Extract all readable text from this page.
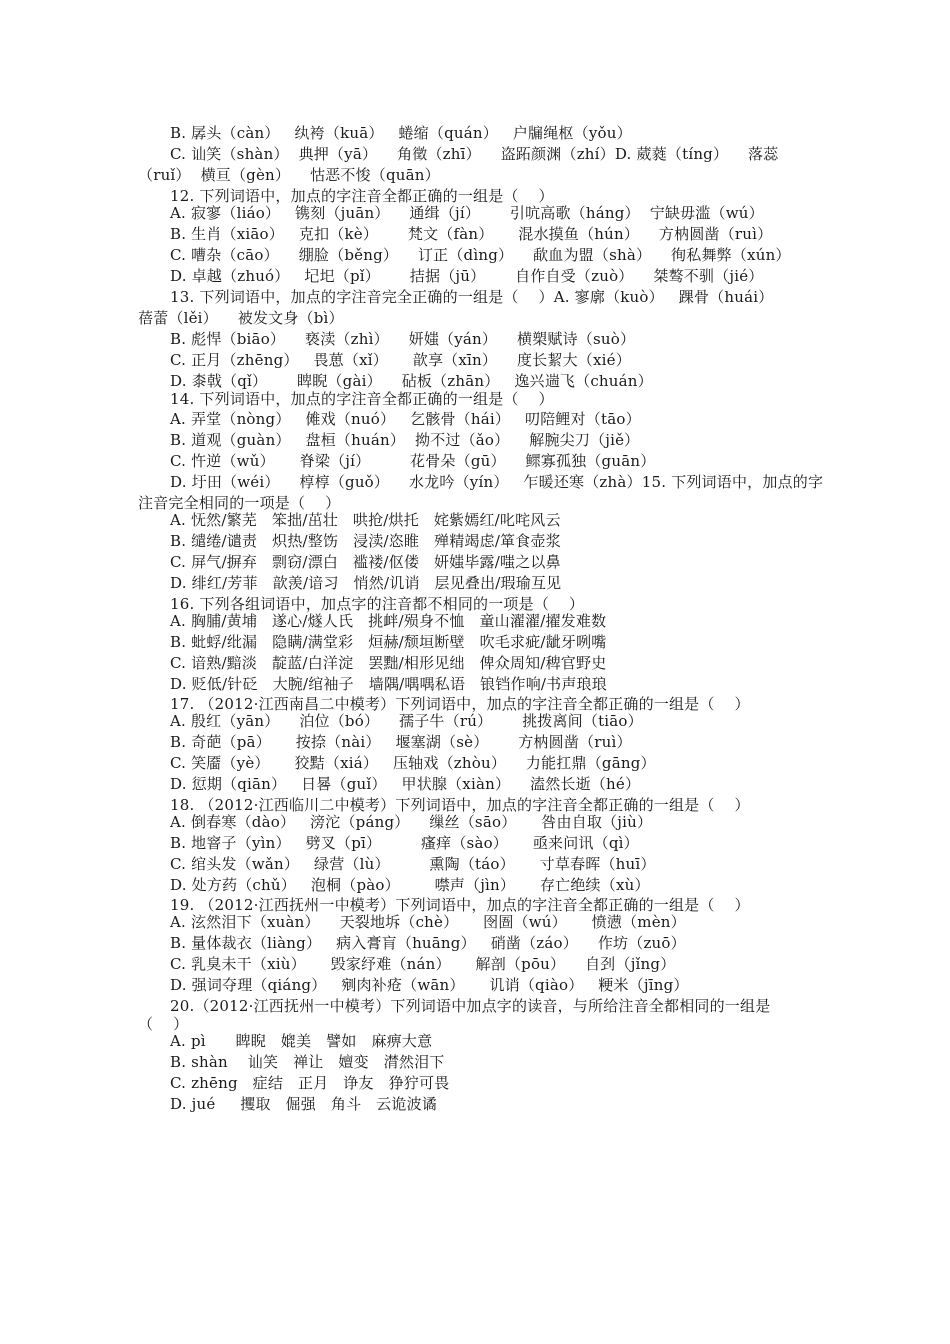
B. 孱头（càn）   纨袴（kuā）   蜷缩（quán）   户牖绳枢（yǒu）
C. 讪笑（shàn）  典押（yā）    角徵（zhī）    盗跖颜渊（zhí）D. 葳蕤（tíng）    落蕊
（ruǐ）  横亘（gèn）    怙恶不悛（quān）
12. 下列词语中，加点的字注音全都正确的一组是（    ）
A. 寂寥（liáo）   镌刻（juān）    通缉（jí）      引吭高歌（háng）  宁缺毋滥（wú）
B. 生肖（xiāo）   克扣（kè）      梵文（fàn）     混水摸鱼（hún）    方枘圆凿（ruì）
C. 嘈杂（cāo）    绷脸（běng）    订正（dìng）    歃血为盟（shà）    徇私舞弊（xún）
D. 卓越（zhuó）   圮圯（pǐ）      拮据（jū）      自作自受（zuò）    桀骜不驯（jié）
13. 下列词语中，加点的字注音完全正确的一组是（    ）A. 寥廓（kuò）   踝骨（huái）
蓓蕾（lěi）    被发文身（bì）
B. 彪悍（biāo）    亵渎（zhì）    妍媸（yán）    横槊赋诗（suò）
C. 正月（zhēng）   畏葸（xǐ）     歆享（xīn）    度长絜大（xié）
D. 桼戟（qǐ）      睥睨（gài）    砧板（zhān）   逸兴遄飞（chuán）
14. 下列词语中，加点的字注音全都正确的一组是（    ）
A. 弄堂（nòng）   傩戏（nuó）   乞骸骨（hái）   叨陪鲤对（tāo）
B. 道观（guàn）   盘桓（huán）  拗不过（ǎo）    解腕尖刀（jiě）
C. 忤逆（wǔ）     脊梁（jí）        花骨朵（gū）    鳏寡孤独（guān）
D. 圩田（wéi）    椁椁（guǒ）    水龙吟（yín）   乍暖还寒（zhà）15. 下列词语中，加点的字
注音完全相同的一项是（    ）
A. 怃然/繁芜   笨拙/茁壮   哄抢/烘托   姹紫嫣红/叱咤风云
B. 缱绻/谴责   炽热/整饬   浸渎/恣睢   殚精竭虑/箪食壶浆
C. 屏气/摒弃   剽窃/漂白   褴褛/伛偻   妍媸毕露/嗤之以鼻
D. 绯红/芳菲   歆羡/谙习   悄然/讥诮   层见叠出/瑕瑜互见
16. 下列各组词语中，加点字的注音都不相同的一项是（    ）
A. 胸脯/黄埔   遂心/燧人氏   挑衅/殒身不恤   童山濯濯/擢发难数
B. 蚍蜉/纰漏   隐瞒/满堂彩   烜赫/颓垣断壁   吹毛求疵/龇牙咧嘴
C. 谙熟/黯淡   靛蓝/白洋淀   罢黜/相形见绌   俾众周知/稗官野史
D. 贬低/针砭   大腕/绾袖子   墙隅/喁喁私语   锒铛作响/书声琅琅
17. （2012·江西南昌二中模考）下列词语中，加点的字注音全都正确的一组是（    ）
A. 殷红（yān）    泊位（bó）    孺子牛（rú）      挑拨离间（tiāo）
B. 奇葩（pā）     按捺（nài）   堰塞湖（sè）      方枘圆凿（ruì）
C. 笑靥（yè）     狡黠（xiá）   压轴戏（zhòu）    力能扛鼎（gāng）
D. 愆期（qiān）   日晷（guǐ）   甲状腺（xiàn）    溘然长逝（hé）
18. （2012·江西临川二中模考）下列词语中，加点的字注音全都正确的一组是（    ）
A. 倒春寒（dào）   滂沱（páng）    缫丝（sāo）     咎由自取（jiù）
B. 地窨子（yìn）   劈叉（pī）        瘙痒（sào）     亟来问讯（qì）
C. 绾头发（wǎn）   绿营（lù）        熏陶（táo）     寸草春晖（huī）
D. 处方药（chǔ）   泡桐（pào）       噤声（jìn）     存亡绝续（xù）
19. （2012·江西抚州一中模考）下列词语中，加点的字注音全都正确的一组是（    ）
A. 泫然泪下（xuàn）    天裂地坼（chè）     囹圄（wú）     愤懑（mèn）
B. 量体裁衣（liàng）   病入膏肓（huāng）   硝凿（záo）    作坊（zuō）
C. 乳臭未干（xiù）     毁家纾难（nán）     解剖（pōu）    自刭（jǐng）
D. 强词夺理（qiáng）   剜肉补疮（wān）     讥诮（qiào）   粳米（jīng）
20.（2012·江西抚州一中模考）下列词语中加点字的读音，与所给注音全都相同的一组是
（    ）
A. pì      睥睨   媲美   譬如   麻痹大意
B. shàn    讪笑   禅让   嬗变   潸然泪下
C. zhēng   症结   正月   诤友   狰狞可畏
D. jué     攫取   倔强   角斗   云诡波谲
